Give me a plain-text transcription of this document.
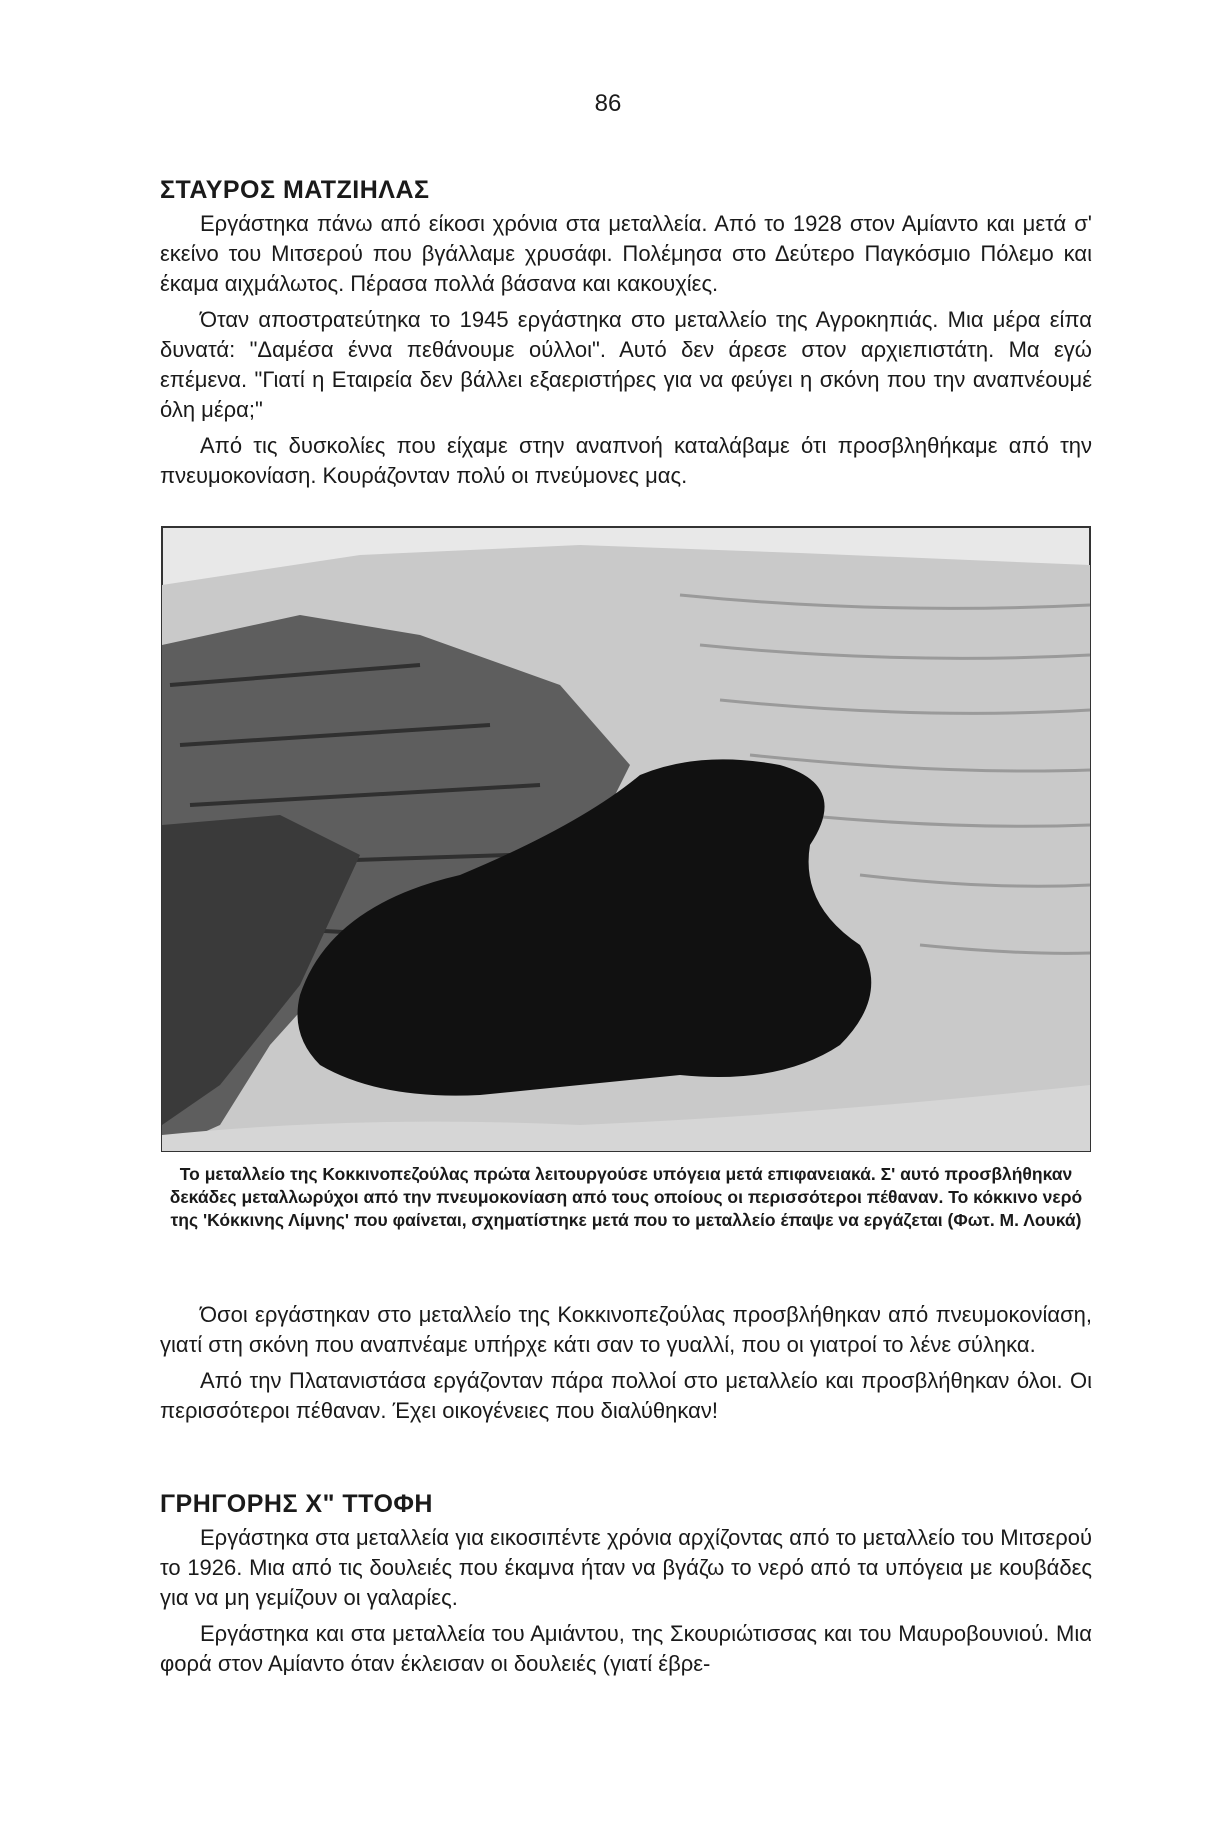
86
ΣΤΑΥΡΟΣ ΜΑΤΖΙΗΛΑΣ

Εργάστηκα πάνω από είκοσι χρόνια στα μεταλλεία. Από το 1928 στον Αμίαντο και μετά σ' εκείνο του Μιτσερού που βγάλλαμε χρυσάφι. Πολέμησα στο Δεύτερο Παγκόσμιο Πόλεμο και έκαμα αιχμάλωτος. Πέρασα πολλά βάσανα και κακουχίες.

Όταν αποστρατεύτηκα το 1945 εργάστηκα στο μεταλλείο της Αγροκηπιάς. Μια μέρα είπα δυνατά: "Δαμέσα έννα πεθάνουμε ούλλοι". Αυτό δεν άρεσε στον αρχιεπιστάτη. Μα εγώ επέμενα. "Γιατί η Εταιρεία δεν βάλλει εξαεριστήρες για να φεύγει η σκόνη που την αναπνέουμέ όλη μέρα;"

Από τις δυσκολίες που είχαμε στην αναπνοή καταλάβαμε ότι προσβληθήκαμε από την πνευμοκονίαση. Κουράζονταν πολύ οι πνεύμονες μας.

Το μεταλλείο της Κοκκινοπεζούλας πρώτα λειτουργούσε υπόγεια μετά επιφανειακά. Σ' αυτό προσβλήθηκαν δεκάδες μεταλλωρύχοι από την πνευμοκονίαση από τους οποίους οι περισσότεροι πέθαναν. Το κόκκινο νερό της 'Κόκκινης Λίμνης' που φαίνεται, σχηματίστηκε μετά που το μεταλλείο έπαψε να εργάζεται (Φωτ. Μ. Λουκά)

Όσοι εργάστηκαν στο μεταλλείο της Κοκκινοπεζούλας προσβλήθηκαν από πνευμοκονίαση, γιατί στη σκόνη που αναπνέαμε υπήρχε κάτι σαν το γυαλλί, που οι γιατροί το λένε σύληκα.

Από την Πλατανιστάσα εργάζονταν πάρα πολλοί στο μεταλλείο και προσβλήθηκαν όλοι. Οι περισσότεροι πέθαναν. Έχει οικογένειες που διαλύθηκαν!

ΓΡΗΓΟΡΗΣ Χ" ΤΤΟΦΗ

Εργάστηκα στα μεταλλεία για εικοσιπέντε χρόνια αρχίζοντας από το μεταλλείο του Μιτσερού το 1926. Μια από τις δουλειές που έκαμνα ήταν να βγάζω το νερό από τα υπόγεια με κουβάδες για να μη γεμίζουν οι γαλαρίες.

Εργάστηκα και στα μεταλλεία του Αμιάντου, της Σκουριώτισσας και του Μαυροβουνιού. Μια φορά στον Αμίαντο όταν έκλεισαν οι δουλειές (γιατί έβρε-
